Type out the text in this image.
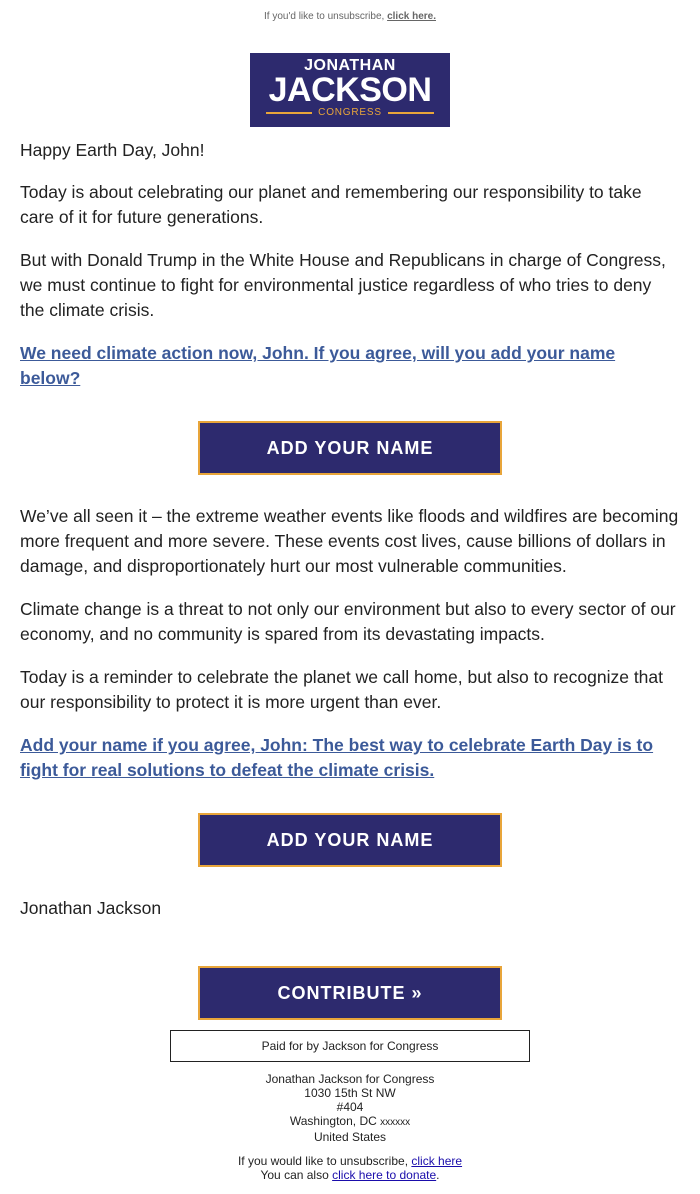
If you'd like to unsubscribe, click here.
JONATHAN
JACKSON
CONGRESS

Happy Earth Day, John!

Today is about celebrating our planet and remembering our responsibility to take care of it for future generations.

But with Donald Trump in the White House and Republicans in charge of Congress, we must continue to fight for environmental justice regardless of who tries to deny the climate crisis.

We need climate action now, John. If you agree, will you add your name below?

ADD YOUR NAME

We’ve all seen it – the extreme weather events like floods and wildfires are becoming more frequent and more severe. These events cost lives, cause billions of dollars in damage, and disproportionately hurt our most vulnerable communities.

Climate change is a threat to not only our environment but also to every sector of our economy, and no community is spared from its devastating impacts.

Today is a reminder to celebrate the planet we call home, but also to recognize that our responsibility to protect it is more urgent than ever.

Add your name if you agree, John: The best way to celebrate Earth Day is to fight for real solutions to defeat the climate crisis.

ADD YOUR NAME

Jonathan Jackson

CONTRIBUTE »
Paid for by Jackson for Congress
Jonathan Jackson for Congress
1030 15th St NW
#404
Washington, DC xxxxxx
United States
If you would like to unsubscribe, click here
You can also click here to donate.
